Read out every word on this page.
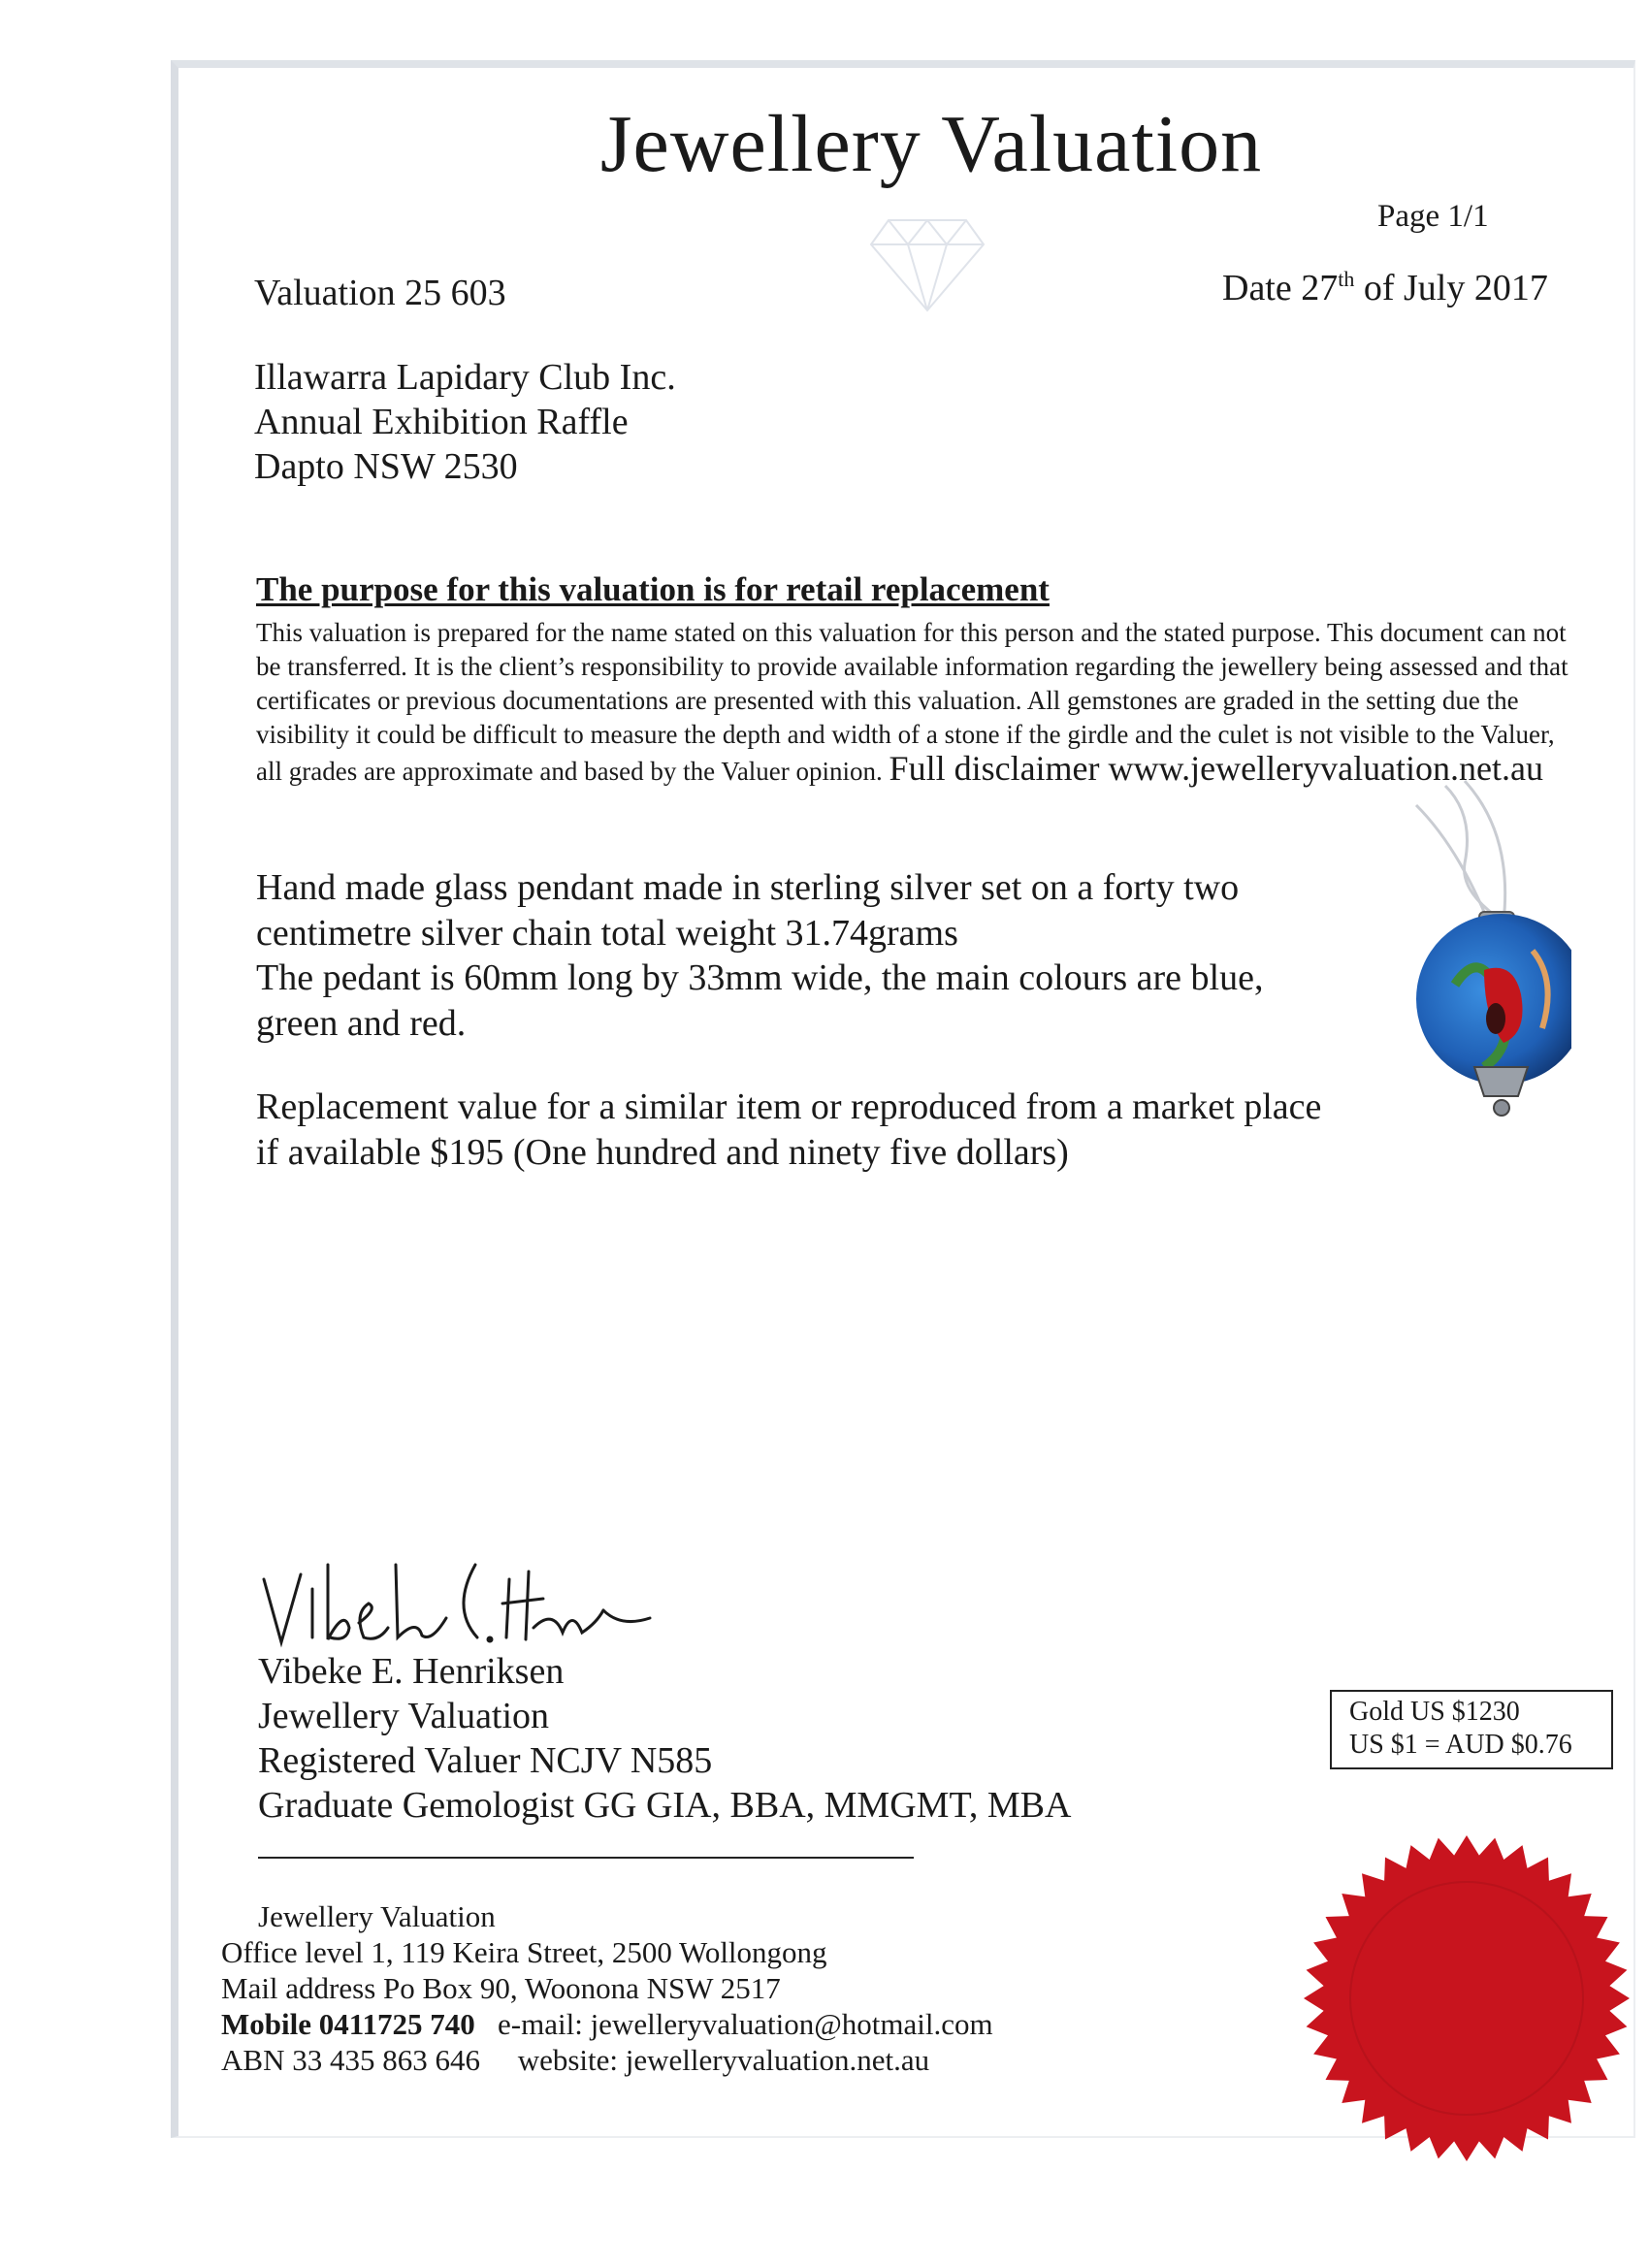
Jewellery Valuation
Page 1/1
Valuation 25 603	Date 27th of July 2017
Illawarra Lapidary Club Inc.
Annual Exhibition Raffle
Dapto NSW 2530
The purpose for this valuation is for retail replacement
This valuation is prepared for the name stated on this valuation for this person and the stated purpose. This document can not be transferred. It is the client’s responsibility to provide available information regarding the jewellery being assessed and that certificates or previous documentations are presented with this valuation. All gemstones are graded in the setting due the visibility it could be difficult to measure the depth and width of a stone if the girdle and the culet is not visible to the Valuer, all grades are approximate and based by the Valuer opinion. Full disclaimer www.jewelleryvaluation.net.au
Hand made glass pendant made in sterling silver set on a forty two centimetre silver chain total weight 31.74grams
The pedant is 60mm long by 33mm wide, the main colours are blue, green and red.
Replacement value for a similar item or reproduced from a market place if available $195 (One hundred and ninety five dollars)
Vibeke E. Henriksen
Jewellery Valuation
Registered Valuer NCJV N585
Graduate Gemologist GG GIA, BBA, MMGMT, MBA
Gold US $1230
US $1 = AUD $0.76
Jewellery Valuation
Office level 1, 119 Keira Street, 2500 Wollongong
Mail address Po Box 90, Woonona NSW 2517
Mobile 0411725 740 e-mail: jewelleryvaluation@hotmail.com
ABN 33 435 863 646 website: jewelleryvaluation.net.au
